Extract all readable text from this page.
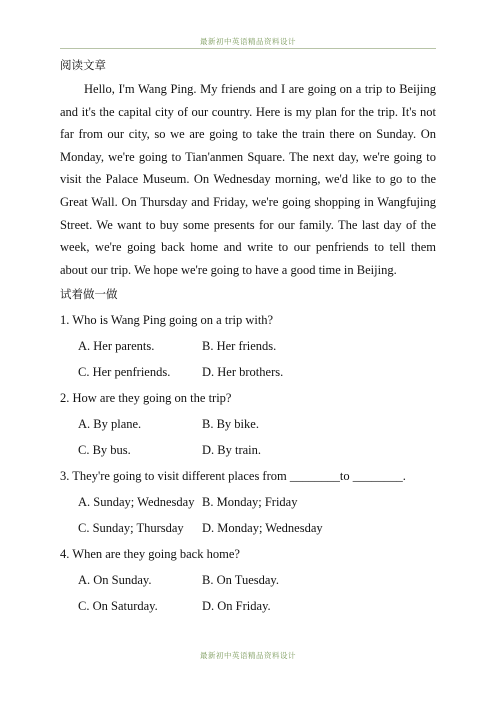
最新初中英语精品资料设计
阅读文章

Hello, I'm Wang Ping. My friends and I are going on a trip to Beijing and it's the capital city of our country. Here is my plan for the trip. It's not far from our city, so we are going to take the train there on Sunday. On Monday, we're going to Tian'anmen Square. The next day, we're going to visit the Palace Museum. On Wednesday morning, we'd like to go to the Great Wall. On Thursday and Friday, we're going shopping in Wangfujing Street. We want to buy some presents for our family. The last day of the week, we're going back home and write to our penfriends to tell them about our trip. We hope we're going to have a good time in Beijing.

试着做一做
1. Who is Wang Ping going on a trip with?
A. Her parents.	B. Her friends.
C. Her penfriends.	D. Her brothers.
2. How are they going on the trip?
A. By plane.	B. By bike.
C. By bus.	D. By train.
3. They're going to visit different places from ________to ________.
A. Sunday; Wednesday B. Monday; Friday
C. Sunday; Thursday D. Monday; Wednesday
4. When are they going back home?
A. On Sunday.	B. On Tuesday.
C. On Saturday.	D. On Friday.
最新初中英语精品资料设计
